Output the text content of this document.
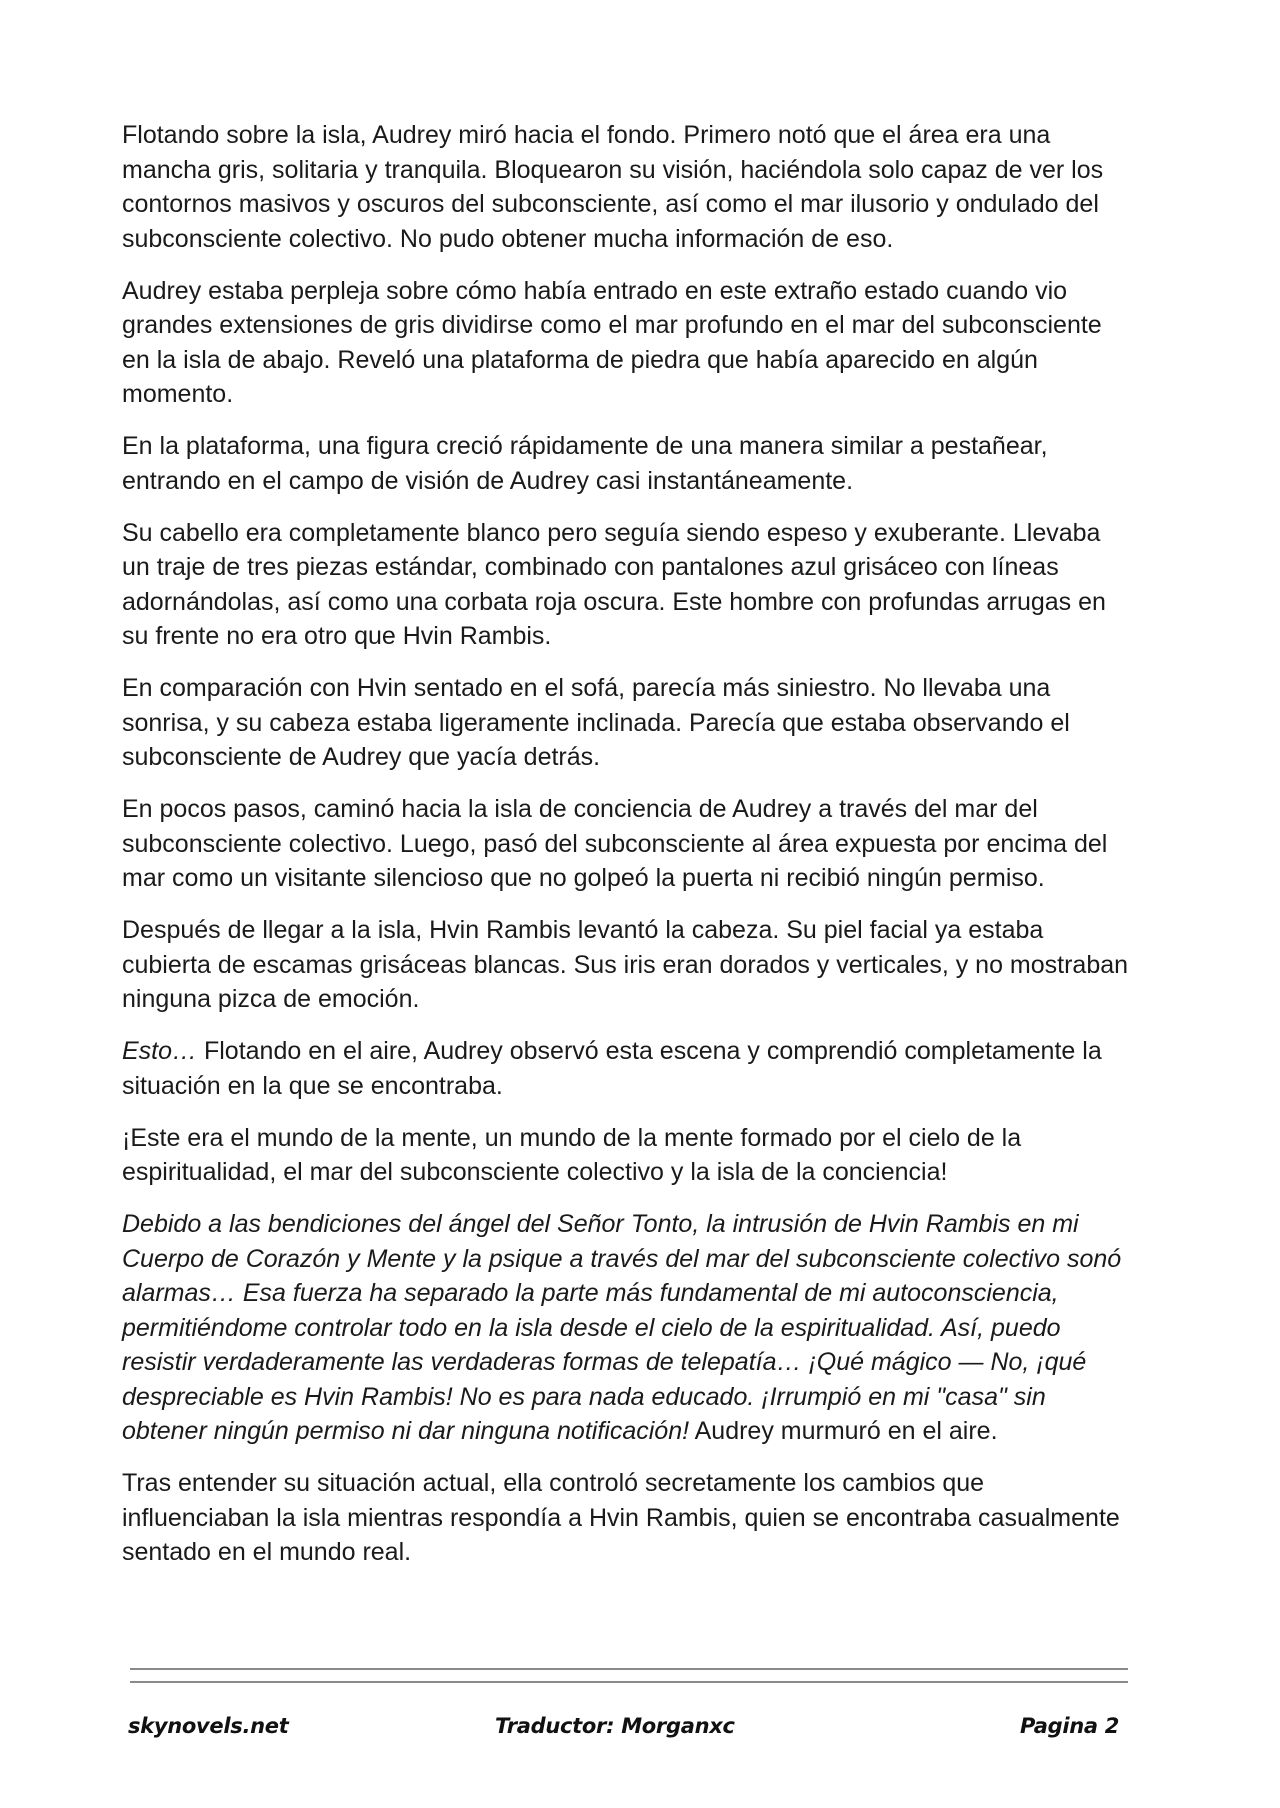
Flotando sobre la isla, Audrey miró hacia el fondo. Primero notó que el área era una mancha gris, solitaria y tranquila. Bloquearon su visión, haciéndola solo capaz de ver los contornos masivos y oscuros del subconsciente, así como el mar ilusorio y ondulado del subconsciente colectivo. No pudo obtener mucha información de eso.

Audrey estaba perpleja sobre cómo había entrado en este extraño estado cuando vio grandes extensiones de gris dividirse como el mar profundo en el mar del subconsciente en la isla de abajo. Reveló una plataforma de piedra que había aparecido en algún momento.

En la plataforma, una figura creció rápidamente de una manera similar a pestañear, entrando en el campo de visión de Audrey casi instantáneamente.

Su cabello era completamente blanco pero seguía siendo espeso y exuberante. Llevaba un traje de tres piezas estándar, combinado con pantalones azul grisáceo con líneas adornándolas, así como una corbata roja oscura. Este hombre con profundas arrugas en su frente no era otro que Hvin Rambis.

En comparación con Hvin sentado en el sofá, parecía más siniestro. No llevaba una sonrisa, y su cabeza estaba ligeramente inclinada. Parecía que estaba observando el subconsciente de Audrey que yacía detrás.

En pocos pasos, caminó hacia la isla de conciencia de Audrey a través del mar del subconsciente colectivo. Luego, pasó del subconsciente al área expuesta por encima del mar como un visitante silencioso que no golpeó la puerta ni recibió ningún permiso.

Después de llegar a la isla, Hvin Rambis levantó la cabeza. Su piel facial ya estaba cubierta de escamas grisáceas blancas. Sus iris eran dorados y verticales, y no mostraban ninguna pizca de emoción.

Esto… Flotando en el aire, Audrey observó esta escena y comprendió completamente la situación en la que se encontraba.

¡Este era el mundo de la mente, un mundo de la mente formado por el cielo de la espiritualidad, el mar del subconsciente colectivo y la isla de la conciencia!

Debido a las bendiciones del ángel del Señor Tonto, la intrusión de Hvin Rambis en mi Cuerpo de Corazón y Mente y la psique a través del mar del subconsciente colectivo sonó alarmas… Esa fuerza ha separado la parte más fundamental de mi autoconsciencia, permitiéndome controlar todo en la isla desde el cielo de la espiritualidad. Así, puedo resistir verdaderamente las verdaderas formas de telepatía… ¡Qué mágico — No, ¡qué despreciable es Hvin Rambis! No es para nada educado. ¡Irrumpió en mi "casa" sin obtener ningún permiso ni dar ninguna notificación! Audrey murmuró en el aire.

Tras entender su situación actual, ella controló secretamente los cambios que influenciaban la isla mientras respondía a Hvin Rambis, quien se encontraba casualmente sentado en el mundo real.

skynovels.net	Traductor: Morganxc	Pagina 2
